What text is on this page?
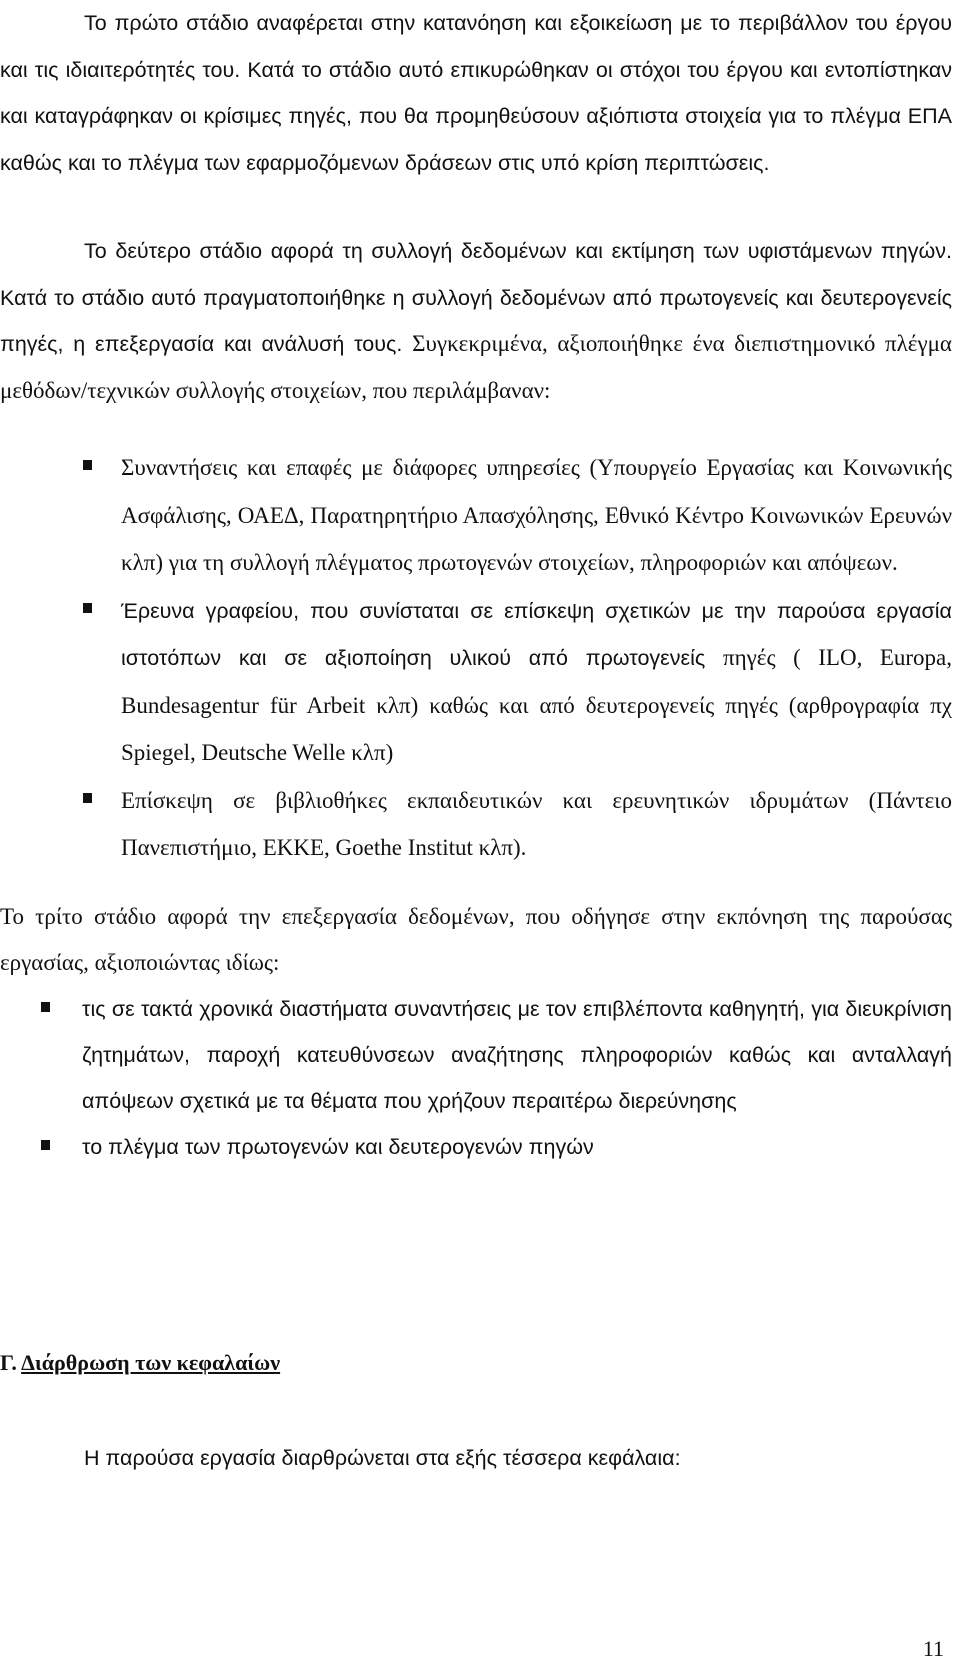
Το πρώτο στάδιο αναφέρεται στην κατανόηση και εξοικείωση με το περιβάλλον του έργου και τις ιδιαιτερότητές του. Κατά το στάδιο αυτό επικυρώθηκαν οι στόχοι του έργου και εντοπίστηκαν και καταγράφηκαν οι κρίσιμες πηγές, που θα προμηθεύσουν αξιόπιστα στοιχεία για το πλέγμα ΕΠΑ καθώς και το πλέγμα των εφαρμοζόμενων δράσεων στις υπό κρίση περιπτώσεις.

Το δεύτερο στάδιο αφορά τη συλλογή δεδομένων και εκτίμηση των υφιστάμενων πηγών. Κατά το στάδιο αυτό πραγματοποιήθηκε η συλλογή δεδομένων από πρωτογενείς και δευτερογενείς πηγές, η επεξεργασία και ανάλυσή τους. Συγκεκριμένα, αξιοποιήθηκε ένα διεπιστημονικό πλέγμα μεθόδων/τεχνικών συλλογής στοιχείων, που περιλάμβαναν:

Συναντήσεις και επαφές με διάφορες υπηρεσίες (Υπουργείο Εργασίας και Κοινωνικής Ασφάλισης, ΟΑΕΔ, Παρατηρητήριο Απασχόλησης, Εθνικό Κέντρο Κοινωνικών Ερευνών κλπ) για τη συλλογή πλέγματος πρωτογενών στοιχείων, πληροφοριών και απόψεων.
Έρευνα γραφείου, που συνίσταται σε επίσκεψη σχετικών με την παρούσα εργασία ιστοτόπων και σε αξιοποίηση υλικού από πρωτογενείς πηγές ( ILO, Europa, Bundesagentur für Arbeit κλπ) καθώς και από δευτερογενείς πηγές (αρθρογραφία πχ Spiegel, Deutsche Welle κλπ)
Επίσκεψη σε βιβλιοθήκες εκπαιδευτικών και ερευνητικών ιδρυμάτων (Πάντειο Πανεπιστήμιο, ΕΚΚΕ, Goethe Institut κλπ).

Το τρίτο στάδιο αφορά την επεξεργασία δεδομένων, που οδήγησε στην εκπόνηση της παρούσας εργασίας, αξιοποιώντας ιδίως:

τις σε τακτά χρονικά διαστήματα συναντήσεις με τον επιβλέποντα καθηγητή, για διευκρίνιση ζητημάτων, παροχή κατευθύνσεων αναζήτησης πληροφοριών καθώς και ανταλλαγή απόψεων σχετικά με τα θέματα που χρήζουν περαιτέρω διερεύνησης
το πλέγμα των πρωτογενών και δευτερογενών πηγών

Γ. Διάρθρωση των κεφαλαίων

Η παρούσα εργασία διαρθρώνεται στα εξής τέσσερα κεφάλαια:

11
